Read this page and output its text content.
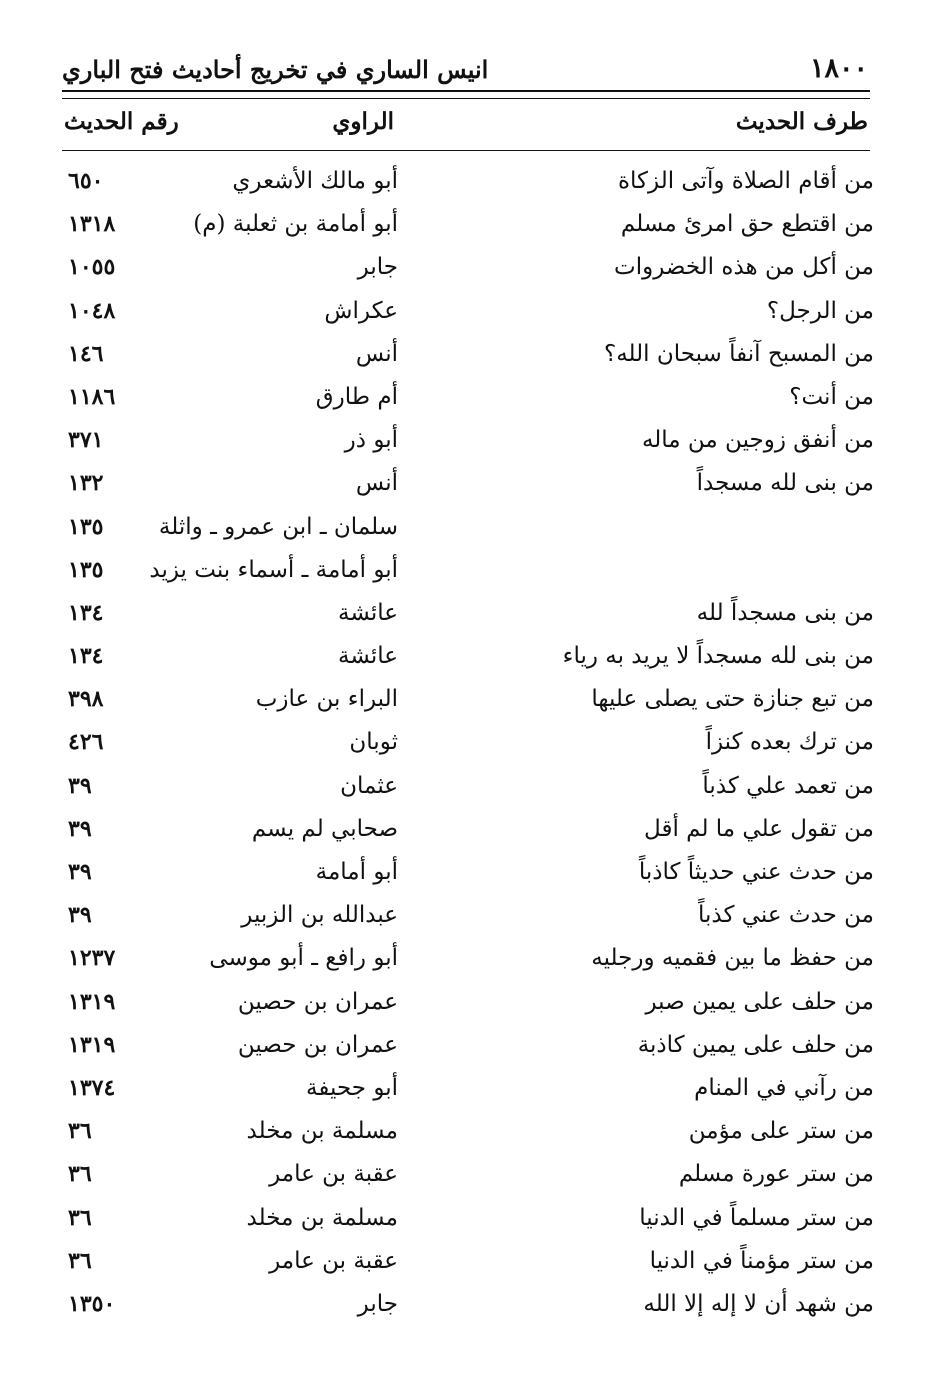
١٨٠٠
انيس الساري في تخريج أحاديث فتح الباري
طرف الحديث
الراوي
رقم الحديث
من أقام الصلاة وآتى الزكاة
أبو مالك الأشعري
٦٥٠
من اقتطع حق امرئ مسلم
أبو أمامة بن ثعلبة (م)
١٣١٨
من أكل من هذه الخضروات
جابر
١٠٥٥
من الرجل؟
عكراش
١٠٤٨
من المسبح آنفاً سبحان الله؟
أنس
١٤٦
من أنت؟
أم طارق
١١٨٦
من أنفق زوجين من ماله
أبو ذر
٣٧١
من بنى لله مسجداً
أنس
١٣٢
سلمان ـ ابن عمرو ـ واثلة
١٣٥
أبو أمامة ـ أسماء بنت يزيد
١٣٥
من بنى مسجداً لله
عائشة
١٣٤
من بنى لله مسجداً لا يريد به رياء
عائشة
١٣٤
من تبع جنازة حتى يصلى عليها
البراء بن عازب
٣٩٨
من ترك بعده كنزاً
ثوبان
٤٢٦
من تعمد علي كذباً
عثمان
٣٩
من تقول علي ما لم أقل
صحابي لم يسم
٣٩
من حدث عني حديثاً كاذباً
أبو أمامة
٣٩
من حدث عني كذباً
عبدالله بن الزبير
٣٩
من حفظ ما بين فقميه ورجليه
أبو رافع ـ أبو موسى
١٢٣٧
من حلف على يمين صبر
عمران بن حصين
١٣١٩
من حلف على يمين كاذبة
عمران بن حصين
١٣١٩
من رآني في المنام
أبو جحيفة
١٣٧٤
من ستر على مؤمن
مسلمة بن مخلد
٣٦
من ستر عورة مسلم
عقبة بن عامر
٣٦
من ستر مسلماً في الدنيا
مسلمة بن مخلد
٣٦
من ستر مؤمناً في الدنيا
عقبة بن عامر
٣٦
من شهد أن لا إله إلا الله
جابر
١٣٥٠
